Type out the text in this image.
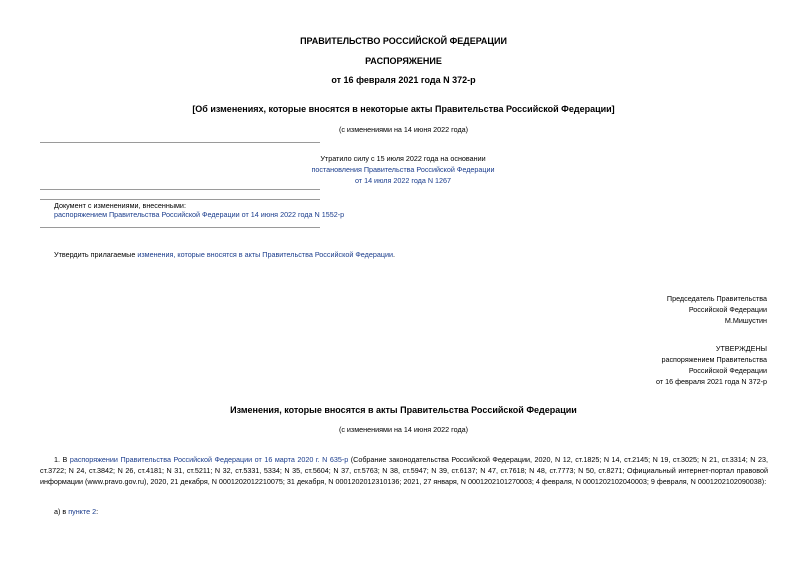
ПРАВИТЕЛЬСТВО РОССИЙСКОЙ ФЕДЕРАЦИИ
РАСПОРЯЖЕНИЕ
от 16 февраля 2021 года N 372-р
[Об изменениях, которые вносятся в некоторые акты Правительства Российской Федерации]
(с изменениями на 14 июня 2022 года)
Утратило силу с 15 июля 2022 года на основании
постановления Правительства Российской Федерации
от 14 июля 2022 года N 1267
Документ с изменениями, внесенными:
распоряжением Правительства Российской Федерации от 14 июня 2022 года N 1552-р
Утвердить прилагаемые изменения, которые вносятся в акты Правительства Российской Федерации.
Председатель Правительства
Российской Федерации
М.Мишустин
УТВЕРЖДЕНЫ
распоряжением Правительства
Российской Федерации
от 16 февраля 2021 года N 372-р
Изменения, которые вносятся в акты Правительства Российской Федерации
(с изменениями на 14 июня 2022 года)
1. В распоряжении Правительства Российской Федерации от 16 марта 2020 г. N 635-р (Собрание законодательства Российской Федерации, 2020, N 12, ст.1825; N 14, ст.2145; N 19, ст.3025; N 21, ст.3314; N 23, ст.3722; N 24, ст.3842; N 26, ст.4181; N 31, ст.5211; N 32, ст.5331, 5334; N 35, ст.5604; N 37, ст.5763; N 38, ст.5947; N 39, ст.6137; N 47, ст.7618; N 48, ст.7773; N 50, ст.8271; Официальный интернет-портал правовой информации (www.pravo.gov.ru), 2020, 21 декабря, N 0001202012210075; 31 декабря, N 0001202012310136; 2021, 27 января, N 0001202101270003; 4 февраля, N 0001202102040003; 9 февраля, N 0001202102090038):
а) в пункте 2:
